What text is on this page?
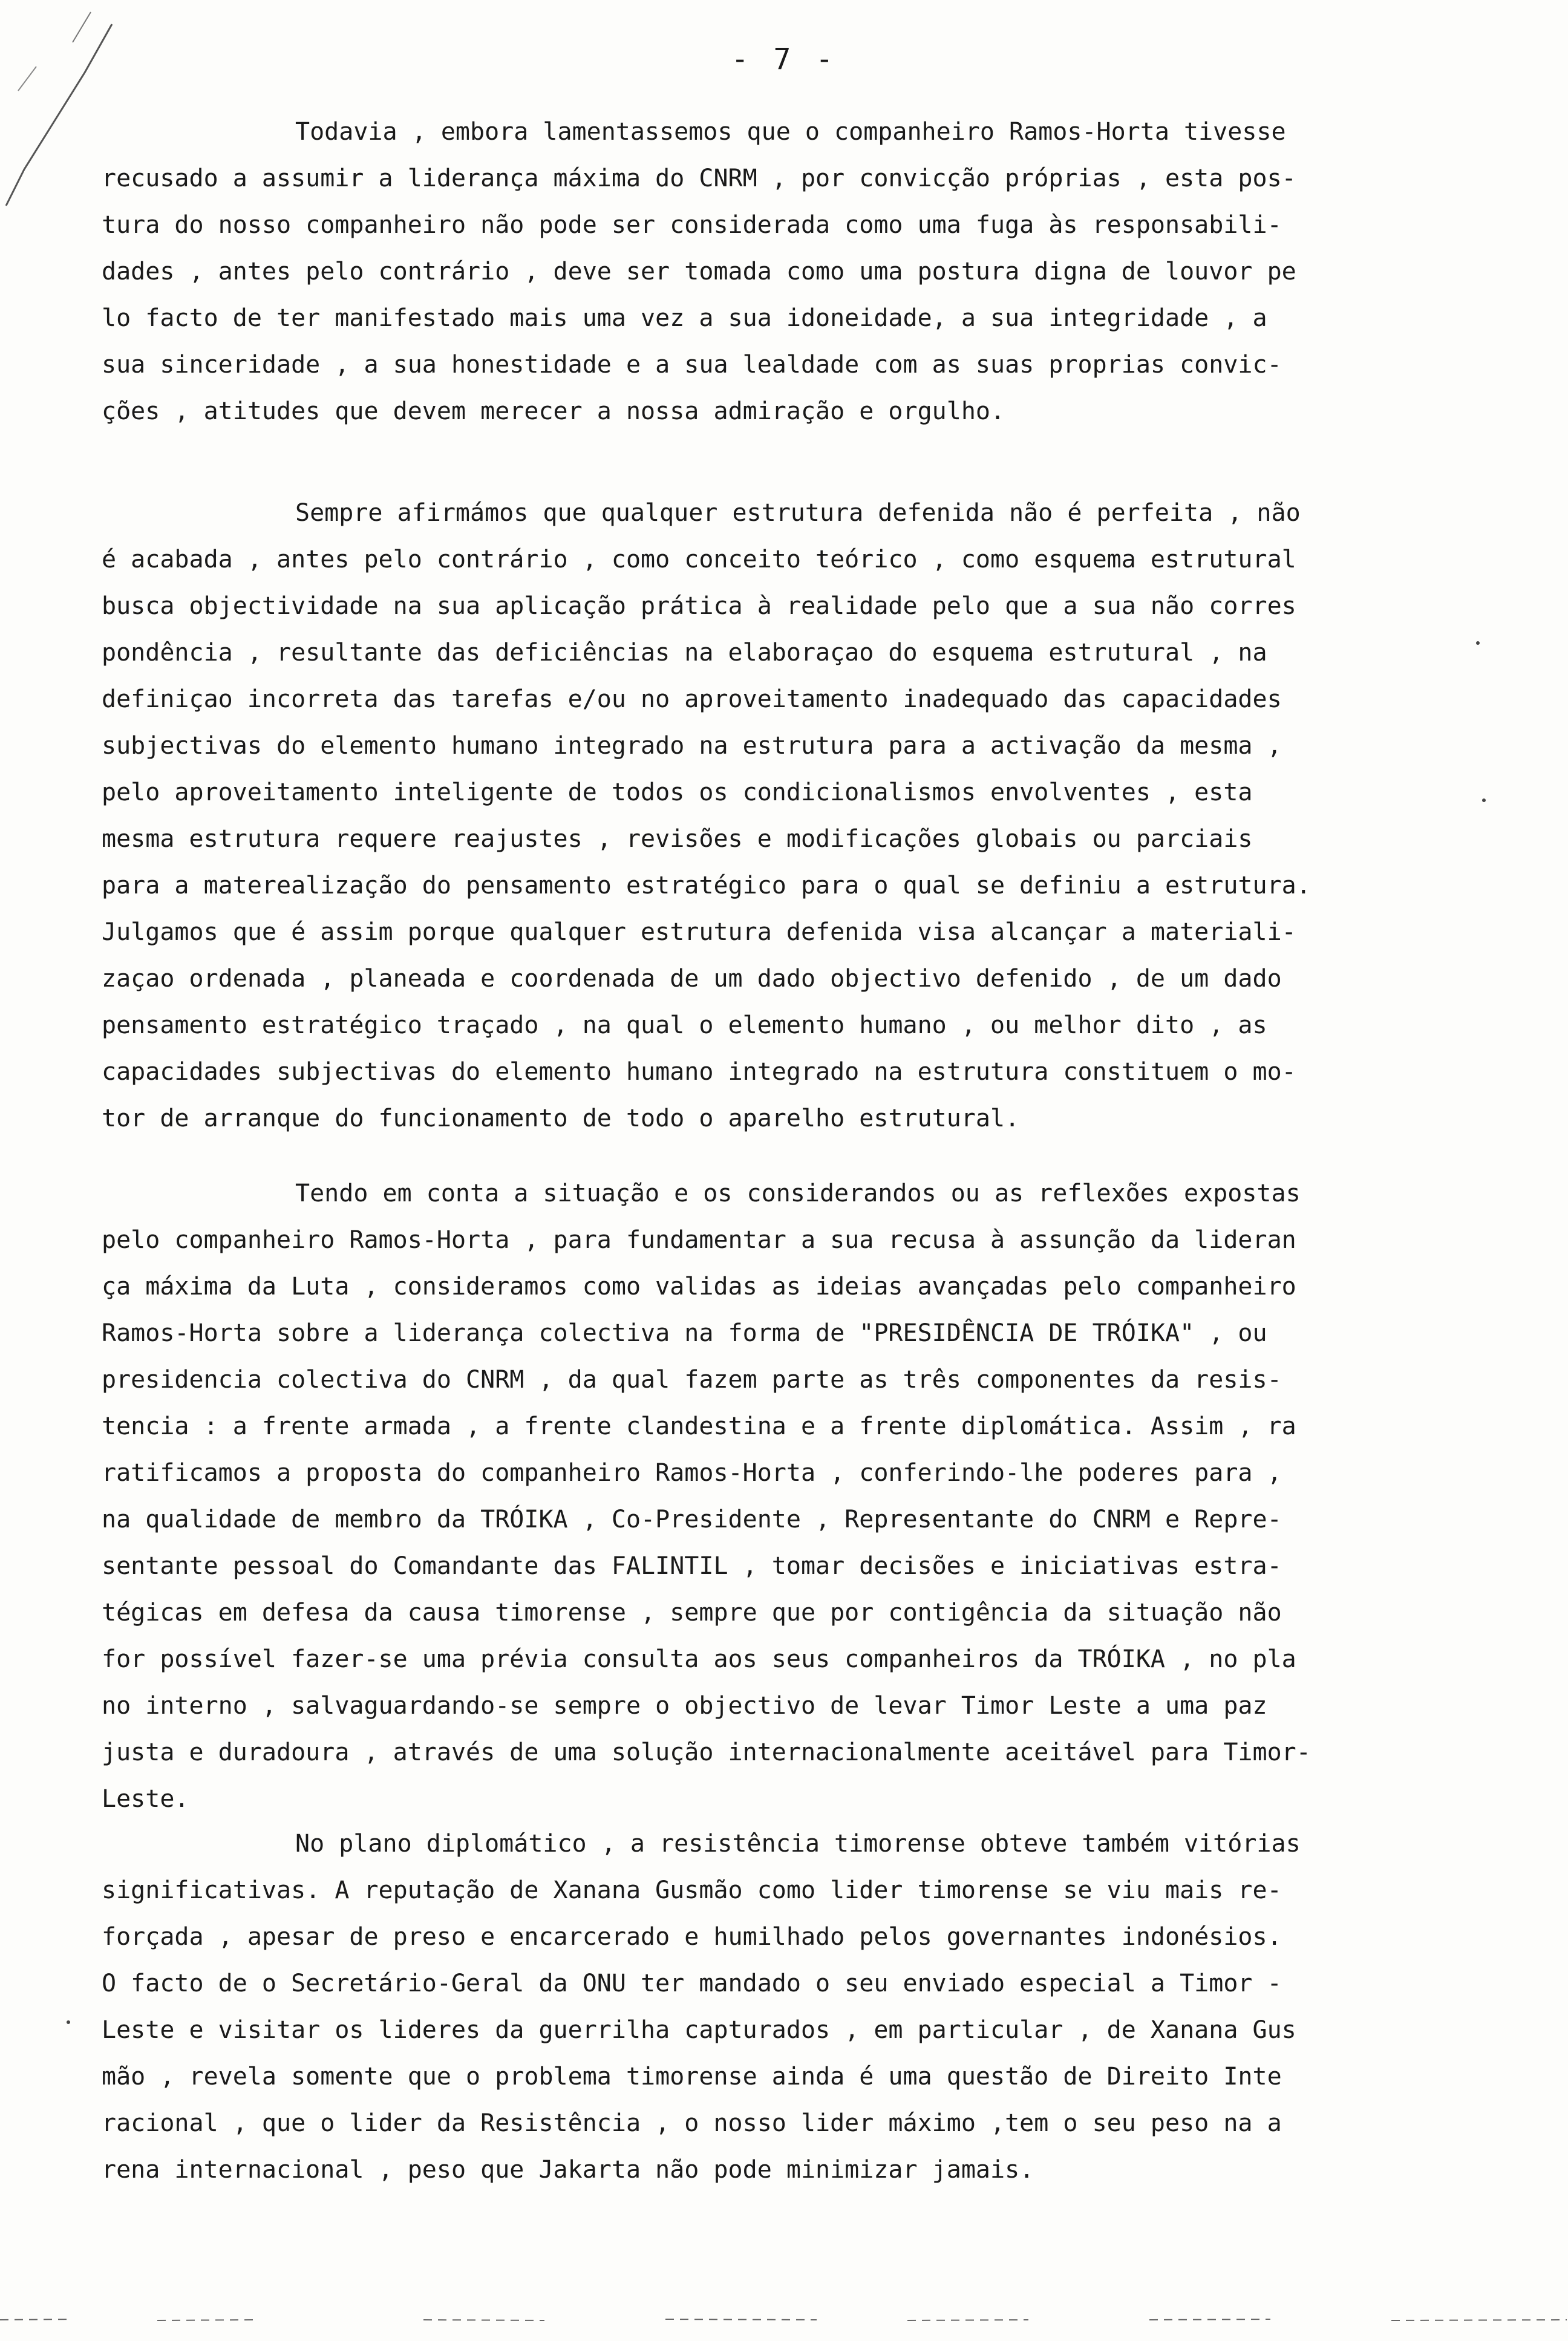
- 7 -
Todavia , embora lamentassemos que o companheiro Ramos-Horta tivesse
recusado a assumir a liderança máxima do CNRM , por convicção próprias , esta pos-
tura do nosso companheiro não pode ser considerada como uma fuga às responsabili-
dades , antes pelo contrário , deve ser tomada como uma postura digna de louvor pe
lo facto de ter manifestado mais uma vez a sua idoneidade, a sua integridade , a
sua sinceridade , a sua honestidade e a sua lealdade com as suas proprias convic-
ções , atitudes que devem merecer a nossa admiração e orgulho.
Sempre afirmámos que qualquer estrutura defenida não é perfeita , não
é acabada , antes pelo contrário , como conceito teórico , como esquema estrutural
busca objectividade na sua aplicação prática à realidade pelo que a sua não corres
pondência , resultante das deficiências na elaboraçao do esquema estrutural , na
definiçao incorreta das tarefas e/ou no aproveitamento inadequado das capacidades
subjectivas do elemento humano integrado na estrutura para a activação da mesma ,
pelo aproveitamento inteligente de todos os condicionalismos envolventes , esta
mesma estrutura requere reajustes , revisões e modificações globais ou parciais
para a materealização do pensamento estratégico para o qual se definiu a estrutura.
Julgamos que é assim porque qualquer estrutura defenida visa alcançar a materiali-
zaçao ordenada , planeada e coordenada de um dado objectivo defenido , de um dado
pensamento estratégico traçado , na qual o elemento humano , ou melhor dito , as
capacidades subjectivas do elemento humano integrado na estrutura constituem o mo-
tor de arranque do funcionamento de todo o aparelho estrutural.
Tendo em conta a situação e os considerandos ou as reflexões expostas
pelo companheiro Ramos-Horta , para fundamentar a sua recusa à assunção da lideran
ça máxima da Luta , consideramos como validas as ideias avançadas pelo companheiro
Ramos-Horta sobre a liderança colectiva na forma de "PRESIDÊNCIA DE TRÓIKA" , ou
presidencia colectiva do CNRM , da qual fazem parte as três componentes da resis-
tencia : a frente armada , a frente clandestina e a frente diplomática. Assim , ra
ratificamos a proposta do companheiro Ramos-Horta , conferindo-lhe poderes para ,
na qualidade de membro da TRÓIKA , Co-Presidente , Representante do CNRM e Repre-
sentante pessoal do Comandante das FALINTIL , tomar decisões e iniciativas estra-
tégicas em defesa da causa timorense , sempre que por contigência da situação não
for possível fazer-se uma prévia consulta aos seus companheiros da TRÓIKA , no pla
no interno , salvaguardando-se sempre o objectivo de levar Timor Leste a uma paz
justa e duradoura , através de uma solução internacionalmente aceitável para Timor-
Leste.
No plano diplomático , a resistência timorense obteve também vitórias
significativas. A reputação de Xanana Gusmão como lider timorense se viu mais re-
forçada , apesar de preso e encarcerado e humilhado pelos governantes indonésios.
O facto de o Secretário-Geral da ONU ter mandado o seu enviado especial a Timor -
Leste e visitar os lideres da guerrilha capturados , em particular , de Xanana Gus
mão , revela somente que o problema timorense ainda é uma questão de Direito Inte
racional , que o lider da Resistência , o nosso lider máximo ,tem o seu peso na a
rena internacional , peso que Jakarta não pode minimizar jamais.
